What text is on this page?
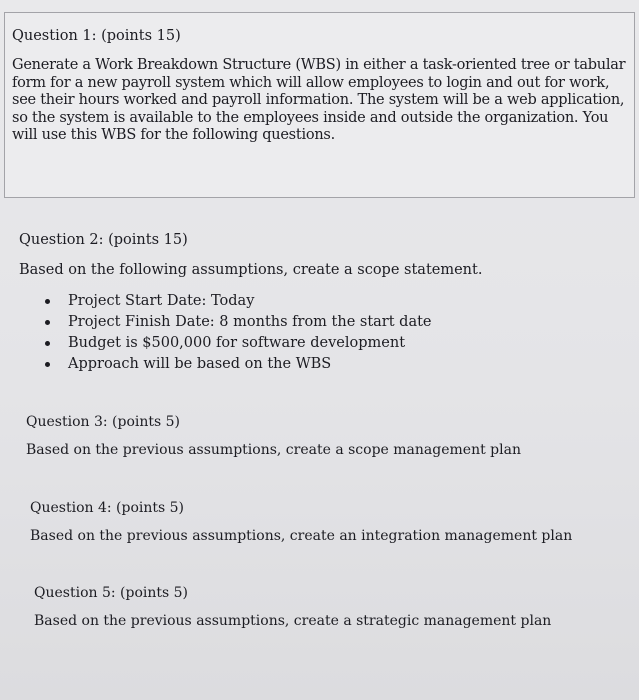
Question 1: (points 15)
Generate a Work Breakdown Structure (WBS) in either a task-oriented tree or tabular form for a new payroll system which will allow employees to login and out for work, see their hours worked and payroll information. The system will be a web application, so the system is available to the employees inside and outside the organization. You will use this WBS for the following questions.
Question 2: (points 15)
Based on the following assumptions, create a scope statement.
Project Start Date: Today
Project Finish Date: 8 months from the start date
Budget is $500,000 for software development
Approach will be based on the WBS
Question 3: (points 5)
Based on the previous assumptions, create a scope management plan
Question 4: (points 5)
Based on the previous assumptions, create an integration management plan
Question 5: (points 5)
Based on the previous assumptions, create a strategic management plan
